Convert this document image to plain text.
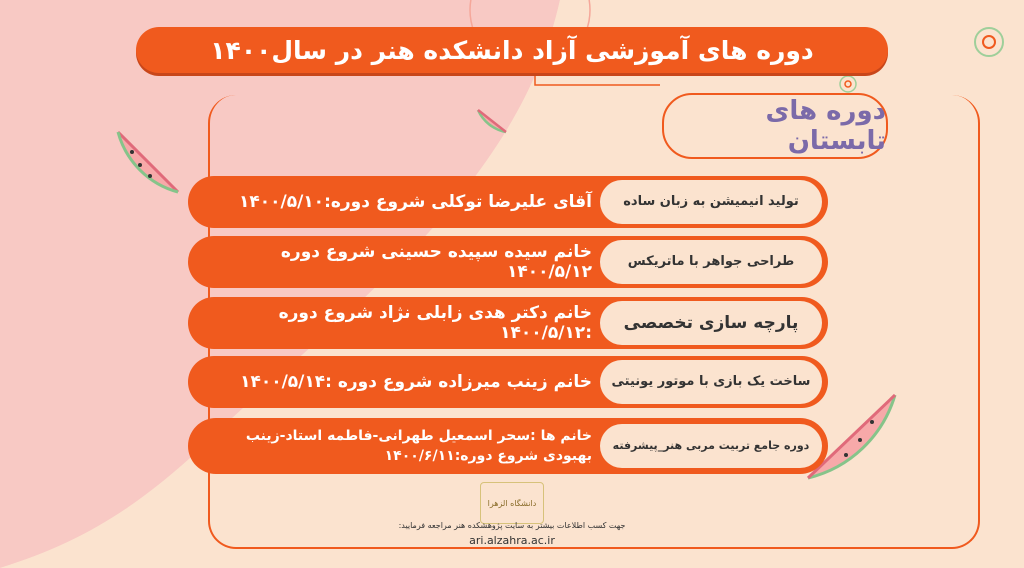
دوره های آموزشی آزاد دانشکده هنر در سال۱۴۰۰
دوره های تابستان
تولید انیمیشن به زبان ساده
آقای علیرضا توکلی شروع دوره:۱۴۰۰/۵/۱۰
طراحی جواهر با ماتریکس
خانم سیده سپیده حسینی شروع دوره ۱۴۰۰/۵/۱۲
پارچه سازی تخصصی
خانم دکتر هدی زابلی نژاد شروع دوره :۱۴۰۰/۵/۱۲
ساخت یک بازی با موتور یونیتی
خانم زینب میرزاده شروع دوره :۱۴۰۰/۵/۱۴
دوره جامع تربیت مربی هنر_پیشرفته
خانم ها :سحر اسمعیل طهرانی-فاطمه استاد-زینب بهبودی شروع دوره:۱۴۰۰/۶/۱۱
دانشگاه الزهرا
جهت کسب اطلاعات بیشتر به سایت پژوهشکده هنر مراجعه فرمایید:
ari.alzahra.ac.ir
